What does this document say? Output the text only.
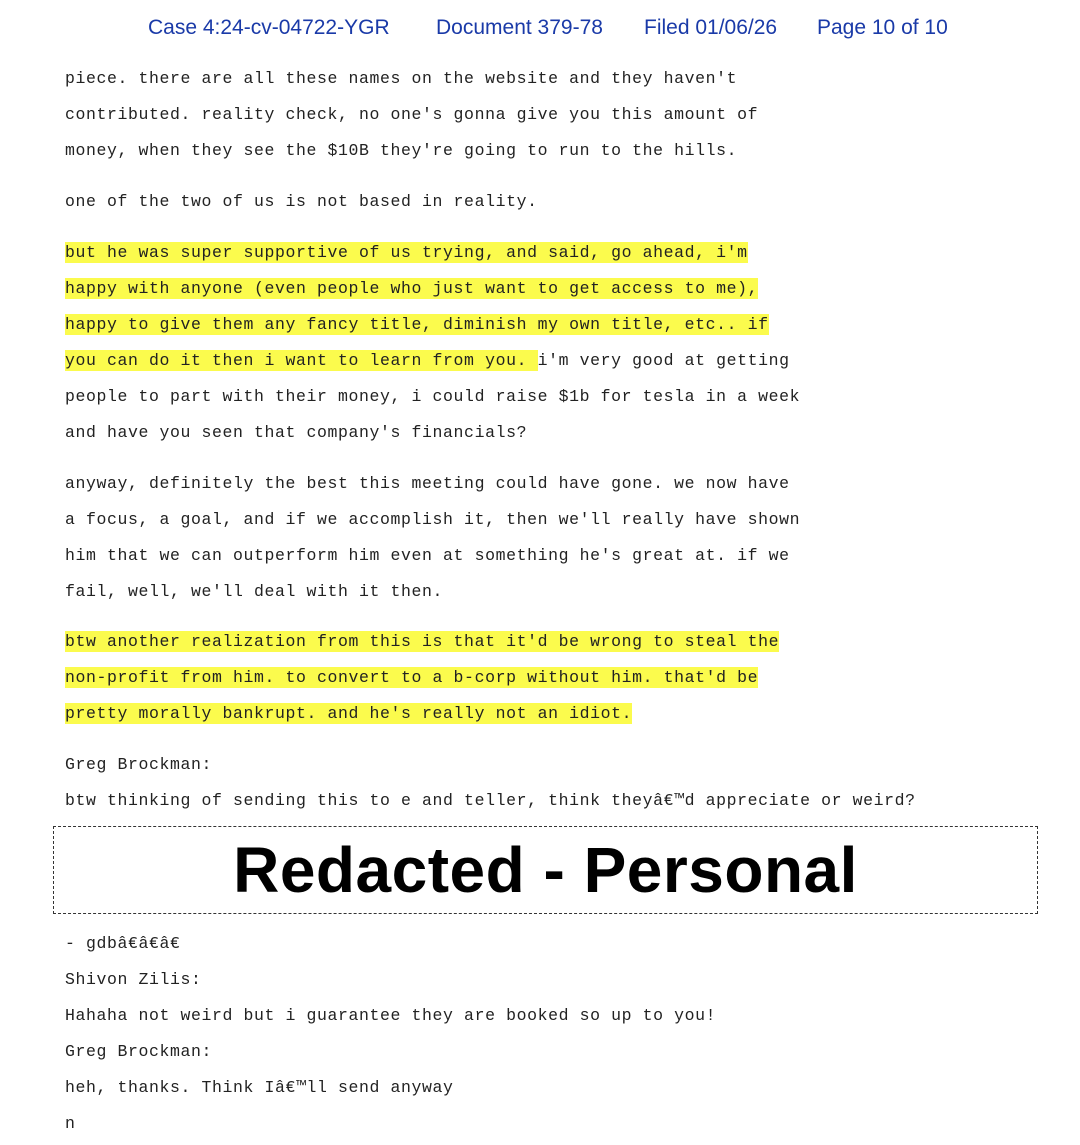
Case 4:24-cv-04722-YGR Document 379-78 Filed 01/06/26 Page 10 of 10
piece. there are all these names on the website and they haven't
contributed. reality check, no one's gonna give you this amount of
money, when they see the $10B they're going to run to the hills.
one of the two of us is not based in reality.
but he was super supportive of us trying, and said, go ahead, i'm
happy with anyone (even people who just want to get access to me),
happy to give them any fancy title, diminish my own title, etc.. if
you can do it then i want to learn from you. i'm very good at getting
people to part with their money, i could raise $1b for tesla in a week
and have you seen that company's financials?
anyway, definitely the best this meeting could have gone. we now have
a focus, a goal, and if we accomplish it, then we'll really have shown
him that we can outperform him even at something he's great at. if we
fail, well, we'll deal with it then.
btw another realization from this is that it'd be wrong to steal the
non-profit from him. to convert to a b-corp without him. that'd be
pretty morally bankrupt. and he's really not an idiot.
Greg Brockman:
btw thinking of sending this to e and teller, think theyâ€™d appreciate or weird?
Redacted - Personal
- gdbâ€â€â€
Shivon Zilis:
Hahaha not weird but i guarantee they are booked so up to you!
Greg Brockman:
heh, thanks. Think Iâ€™ll send anyway
n
